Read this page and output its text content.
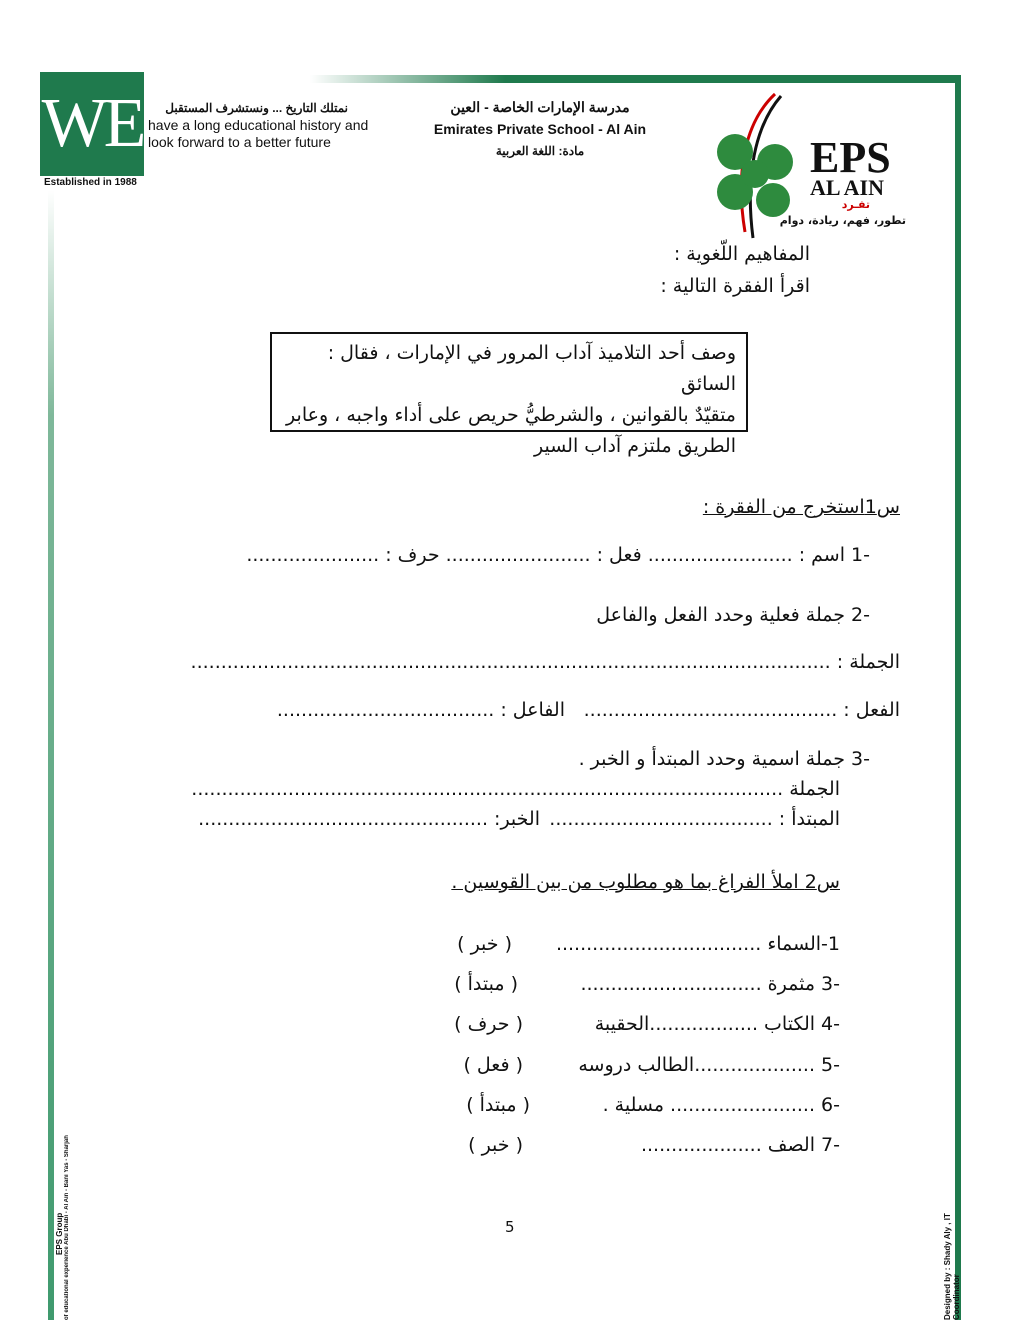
WE
Established in 1988
نمتلك التاريخ ... ونستشرف المستقبل
have a long educational history and
look forward to a better future
مدرسة الإمارات الخاصة - العين
Emirates Private School - Al Ain
مادة: اللغة العربية	EPS
AL AIN
تفـرد
تطور، فهم، ريادة، دوام
المفاهيم اللّغوية :
اقرأ الفقرة التالية :
وصف أحد التلاميذ آداب المرور في الإمارات ، فقال : السائق
متقيّدٌ بالقوانين ، والشرطيُّ حريص على أداء واجبه ، وعابر
الطريق ملتزم آداب السير
س1استخرج من الفقرة :
-1 اسم : ........................ فعل : ........................ حرف : ......................
-2 جملة فعلية وحدد الفعل والفاعل
الجملة : ..........................................................................................................
الفعل : ..........................................
الفاعل : ....................................
-3 جملة اسمية وحدد المبتدأ و الخبر .
الجملة ..................................................................................................
المبتدأ : .....................................
الخبر: ................................................
س2 املأ الفراغ بما هو مطلوب من بين القوسين .
1-السماء ..................................
( خبر )
-3 مثمرة ..............................
( مبتدأ )
-4 الكتاب ..................الحقيبة
( حرف )
-5 ....................الطالب دروسه
( فعل )
-6 ........................ مسلية .
( مبتدأ )
-7 الصف ....................
( خبر )
5
EPS Group of educational experience Abu Dhabi - Al Ain - Bani Yas - Sharjah	Designed by : Shady Aly , IT Coordinator
